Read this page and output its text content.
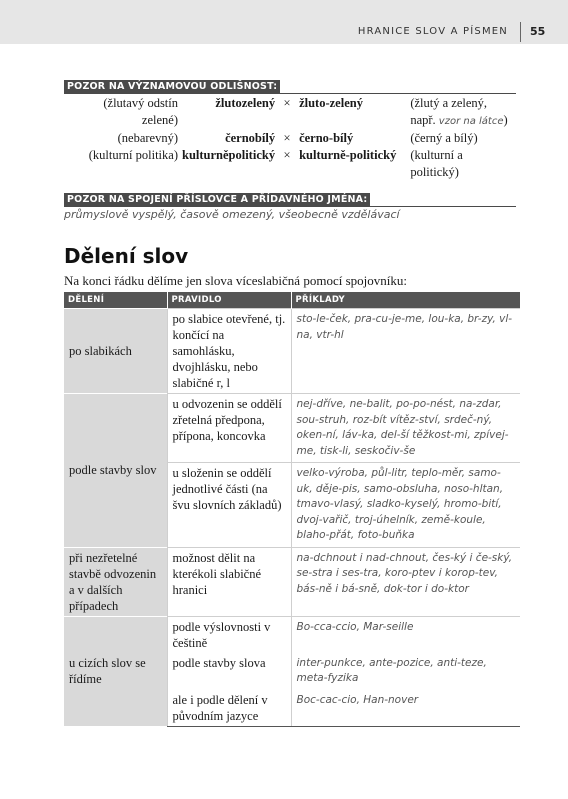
HRANICE SLOV A PÍSMEN 55
POZOR NA VÝZNAMOVOU ODLIŠNOST:
(žlutavý odstín zelené)	žlutozelený	×	žluto-zelený	(žlutý a zelený,
např. vzor na látce)
(nebarevný)	černobílý	×	černo-bílý	(černý a bílý)
(kulturní politika)	kulturněpolitický	×	kulturně-politický	(kulturní a politický)
POZOR NA SPOJENÍ PŘÍSLOVCE A PŘÍDAVNÉHO JMÉNA:
průmyslově vyspělý, časově omezený, všeobecně vzdělávací
Dělení slov
Na konci řádku dělíme jen slova víceslabičná pomocí spojovníku:
DĚLENÍ	PRAVIDLO	PŘÍKLADY
po slabikách	po slabice otevřené, tj. končící na samohlásku, dvojhlásku, nebo slabičné r, l	sto-le-ček, pra-cu-je-me, lou-ka, br-zy, vl-na, vtr-hl
podle stavby slov	u odvozenin se oddělí zřetelná předpona, přípona, koncovka	nej-dříve, ne-balit, po-po-nést, na-zdar, sou-struh, roz-bít vítěz-ství, srdeč-ný, oken-ní, láv-ka, del-ší těžkost-mi, zpívej-me, tisk-li, seskočiv-še
	u složenin se oddělí jednotlivé části (na švu slovních základů)	velko-výroba, půl-litr, teplo-měr, samo-uk, děje-pis, samo-obsluha, noso-hltan, tmavo-vlasý, sladko-kyselý, hromo-bití, dvoj-vařič, troj-úhelník, země-koule, blaho-přát, foto-buňka
při nezřetelné stavbě odvozenin a v dalších případech	možnost dělit na kterékoli slabičné hranici	na-dchnout i nad-chnout, čes-ký i če-ský, se-stra i ses-tra, koro-ptev i korop-tev, bás-ně i bá-sně, dok-tor i do-ktor
u cizích slov se řídíme	podle výslovnosti v češtině	Bo-cca-ccio, Mar-seille
	podle stavby slova	inter-punkce, ante-pozice, anti-teze, meta-fyzika
	ale i podle dělení v původním jazyce	Boc-cac-cio, Han-nover
